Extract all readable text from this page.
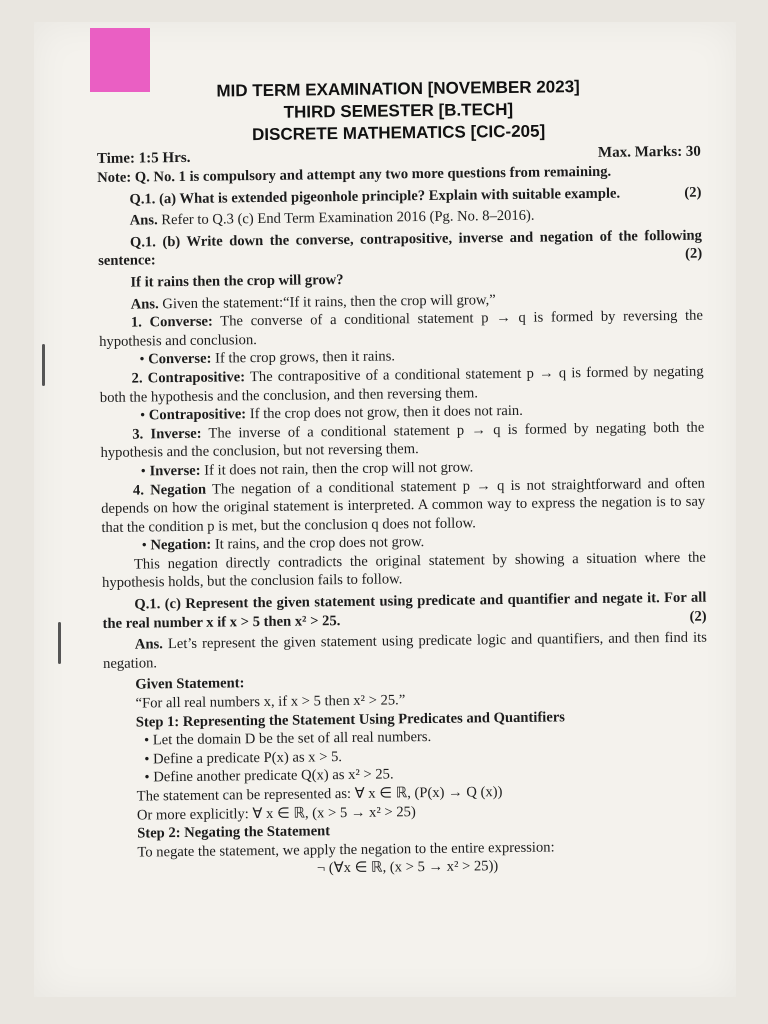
MID TERM EXAMINATION [NOVEMBER 2023]
THIRD SEMESTER [B.TECH]
DISCRETE MATHEMATICS [CIC-205]
Time: 1:5 Hrs.	Max. Marks: 30

Note: Q. No. 1 is compulsory and attempt any two more questions from remaining.

Q.1. (a) What is extended pigeonhole principle? Explain with suitable example.	(2)

Ans. Refer to Q.3 (c) End Term Examination 2016 (Pg. No. 8–2016).

Q.1. (b) Write down the converse, contrapositive, inverse and negation of the following sentence:	(2)

If it rains then the crop will grow?

Ans. Given the statement:“If it rains, then the crop will grow,”

1. Converse: The converse of a conditional statement p → q is formed by reversing the hypothesis and conclusion.

• Converse: If the crop grows, then it rains.

2. Contrapositive: The contrapositive of a conditional statement p → q is formed by negating both the hypothesis and the conclusion, and then reversing them.

• Contrapositive: If the crop does not grow, then it does not rain.

3. Inverse: The inverse of a conditional statement p → q is formed by negating both the hypothesis and the conclusion, but not reversing them.

• Inverse: If it does not rain, then the crop will not grow.

4. Negation The negation of a conditional statement p → q is not straightforward and often depends on how the original statement is interpreted. A common way to express the negation is to say that the condition p is met, but the conclusion q does not follow.

• Negation: It rains, and the crop does not grow.

This negation directly contradicts the original statement by showing a situation where the hypothesis holds, but the conclusion fails to follow.

Q.1. (c) Represent the given statement using predicate and quantifier and negate it. For all the real number x if x > 5 then x² > 25.	(2)

Ans. Let’s represent the given statement using predicate logic and quantifiers, and then find its negation.

Given Statement:

“For all real numbers x, if x > 5 then x² > 25.”

Step 1: Representing the Statement Using Predicates and Quantifiers

• Let the domain D be the set of all real numbers.

• Define a predicate P(x) as x > 5.

• Define another predicate Q(x) as x² > 25.

The statement can be represented as: ∀ x ∈ ℝ, (P(x) → Q (x))

Or more explicitly: ∀ x ∈ ℝ, (x > 5 → x² > 25)

Step 2: Negating the Statement

To negate the statement, we apply the negation to the entire expression:

¬ (∀x ∈ ℝ, (x > 5 → x² > 25))
